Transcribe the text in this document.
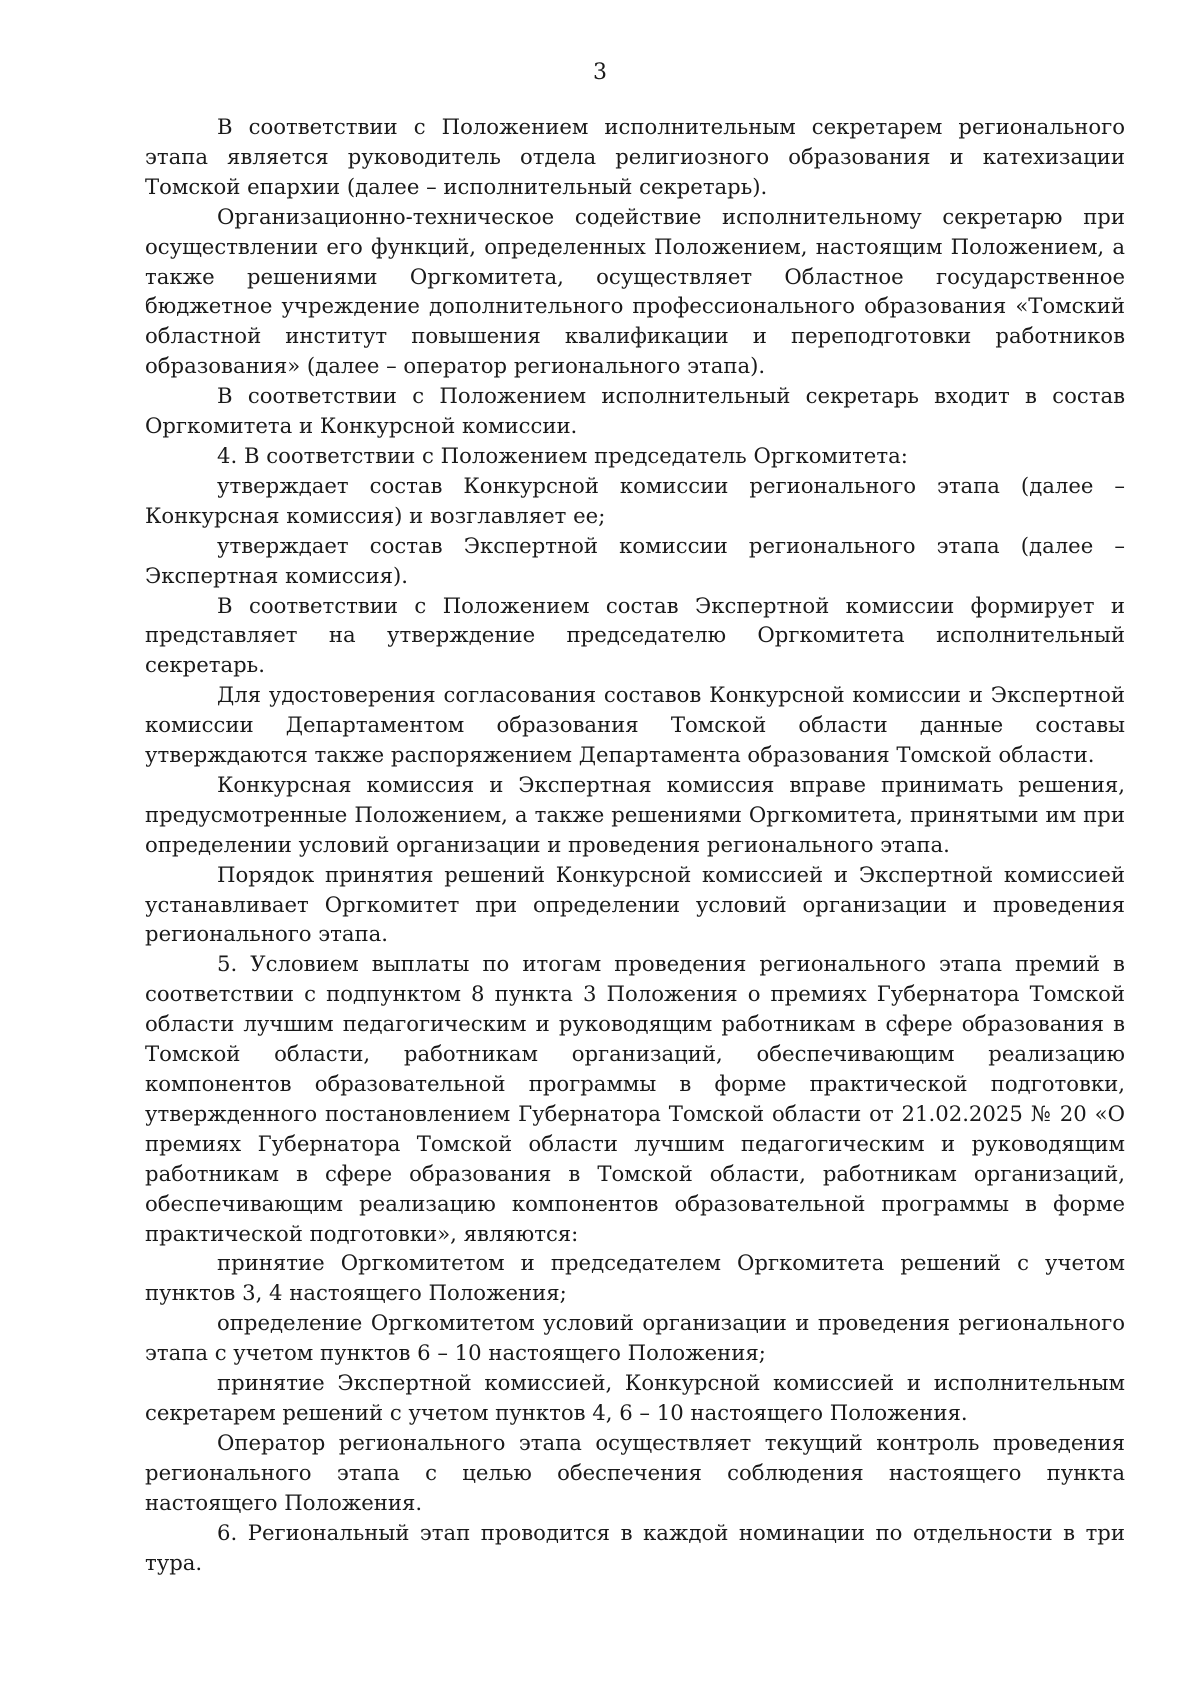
3

В соответствии с Положением исполнительным секретарем регионального этапа является руководитель отдела религиозного образования и катехизации Томской епархии (далее – исполнительный секретарь).

Организационно-техническое содействие исполнительному секретарю при осуществлении его функций, определенных Положением, настоящим Положением, а также решениями Оргкомитета, осуществляет Областное государственное бюджетное учреждение дополнительного профессионального образования «Томский областной институт повышения квалификации и переподготовки работников образования» (далее – оператор регионального этапа).

В соответствии с Положением исполнительный секретарь входит в состав Оргкомитета и Конкурсной комиссии.

4. В соответствии с Положением председатель Оргкомитета:

утверждает состав Конкурсной комиссии регионального этапа (далее – Конкурсная комиссия) и возглавляет ее;

утверждает состав Экспертной комиссии регионального этапа (далее – Экспертная комиссия).

В соответствии с Положением состав Экспертной комиссии формирует и представляет на утверждение председателю Оргкомитета исполнительный секретарь.

Для удостоверения согласования составов Конкурсной комиссии и Экспертной комиссии Департаментом образования Томской области данные составы утверждаются также распоряжением Департамента образования Томской области.

Конкурсная комиссия и Экспертная комиссия вправе принимать решения, предусмотренные Положением, а также решениями Оргкомитета, принятыми им при определении условий организации и проведения регионального этапа.

Порядок принятия решений Конкурсной комиссией и Экспертной комиссией устанавливает Оргкомитет при определении условий организации и проведения регионального этапа.

5. Условием выплаты по итогам проведения регионального этапа премий в соответствии с подпунктом 8 пункта 3 Положения о премиях Губернатора Томской области лучшим педагогическим и руководящим работникам в сфере образования в Томской области, работникам организаций, обеспечивающим реализацию компонентов образовательной программы в форме практической подготовки, утвержденного постановлением Губернатора Томской области от 21.02.2025 № 20 «О премиях Губернатора Томской области лучшим педагогическим и руководящим работникам в сфере образования в Томской области, работникам организаций, обеспечивающим реализацию компонентов образовательной программы в форме практической подготовки», являются:

принятие Оргкомитетом и председателем Оргкомитета решений с учетом пунктов 3, 4 настоящего Положения;

определение Оргкомитетом условий организации и проведения регионального этапа с учетом пунктов 6 – 10 настоящего Положения;

принятие Экспертной комиссией, Конкурсной комиссией и исполнительным секретарем решений с учетом пунктов 4, 6 – 10 настоящего Положения.

Оператор регионального этапа осуществляет текущий контроль проведения регионального этапа с целью обеспечения соблюдения настоящего пункта настоящего Положения.

6. Региональный этап проводится в каждой номинации по отдельности в три тура.
